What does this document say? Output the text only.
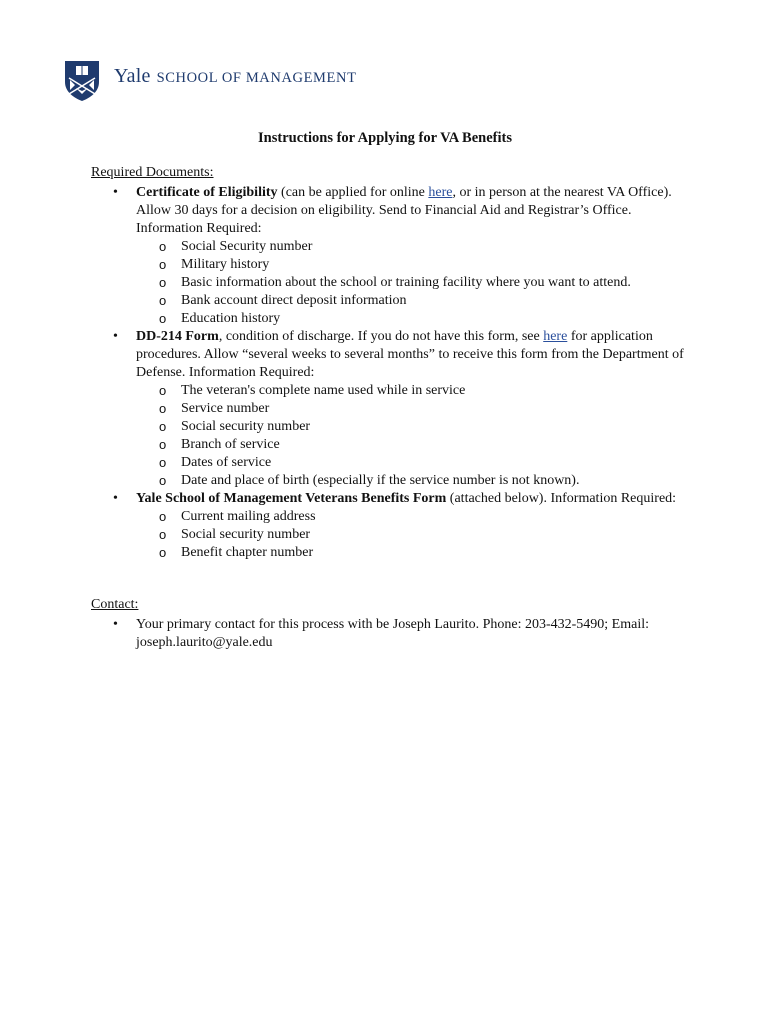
Yale SCHOOL OF MANAGEMENT
Instructions for Applying for VA Benefits
Required Documents:
• Certificate of Eligibility (can be applied for online here, or in person at the nearest VA Office). Allow 30 days for a decision on eligibility. Send to Financial Aid and Registrar’s Office. Information Required:
o Social Security number
o Military history
o Basic information about the school or training facility where you want to attend.
o Bank account direct deposit information
o Education history
• DD-214 Form, condition of discharge. If you do not have this form, see here for application procedures. Allow “several weeks to several months” to receive this form from the Department of Defense. Information Required:
o The veteran's complete name used while in service
o Service number
o Social security number
o Branch of service
o Dates of service
o Date and place of birth (especially if the service number is not known).
• Yale School of Management Veterans Benefits Form (attached below). Information Required:
o Current mailing address
o Social security number
o Benefit chapter number
Contact:
• Your primary contact for this process with be Joseph Laurito. Phone: 203-432-5490; Email: joseph.laurito@yale.edu
